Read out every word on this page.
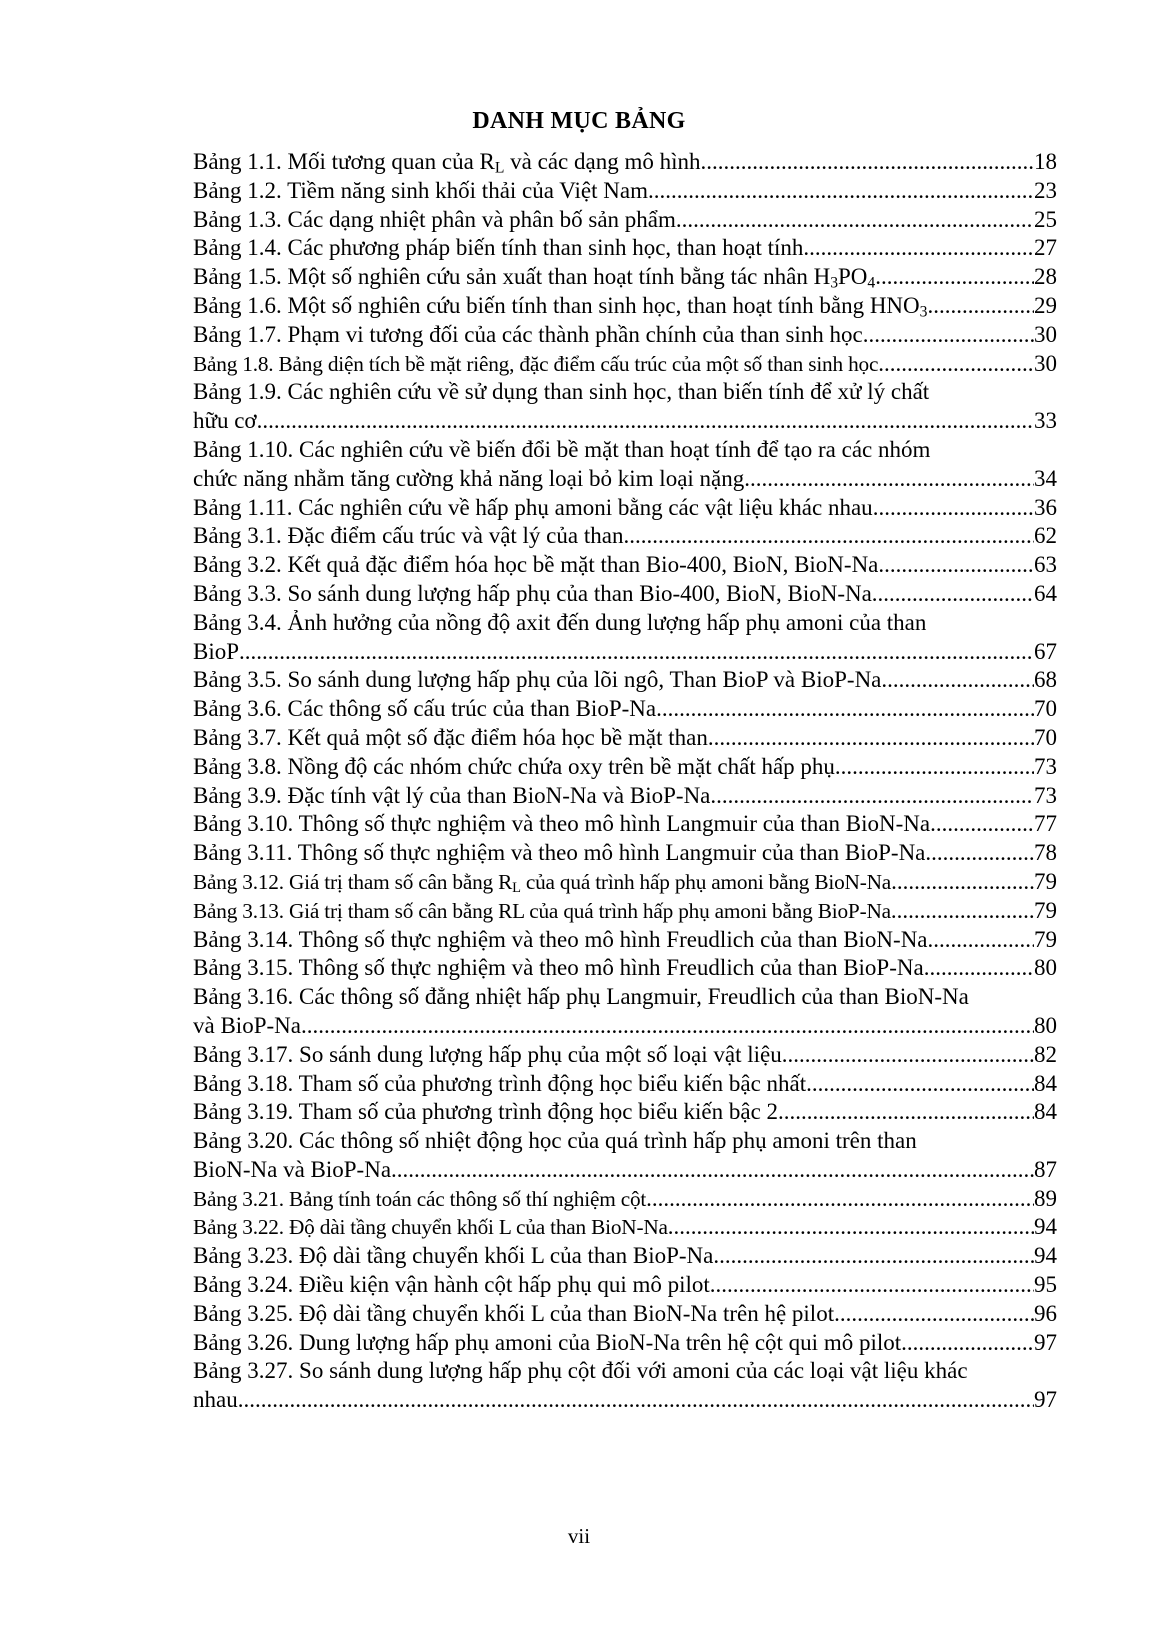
DANH MỤC BẢNG
Bảng 1.1. Mối tương quan của $R_L$ và các dạng mô hình .....	18
Bảng 1.2. Tiềm năng sinh khối thải của Việt Nam .....	23
Bảng 1.3. Các dạng nhiệt phân và phân bố sản phẩm .....	25
Bảng 1.4. Các phương pháp biến tính than sinh học, than hoạt tính .....	27
Bảng 1.5. Một số nghiên cứu sản xuất than hoạt tính bằng tác nhân $H_3PO_4$ .....	28
Bảng 1.6. Một số nghiên cứu biến tính than sinh học, than hoạt tính bằng $HNO_3$ .....	29
Bảng 1.7. Phạm vi tương đối của các thành phần chính của than sinh học .....	30
Bảng 1.8. Bảng diện tích bề mặt riêng, đặc điểm cấu trúc của một số than sinh học .....	30
Bảng 1.9. Các nghiên cứu về sử dụng than sinh học, than biến tính để xử lý chất
hữu cơ .....	33
Bảng 1.10. Các nghiên cứu về biến đổi bề mặt than hoạt tính để tạo ra các nhóm
chức năng nhằm tăng cường khả năng loại bỏ kim loại nặng .....	34
Bảng 1.11. Các nghiên cứu về hấp phụ amoni bằng các vật liệu khác nhau .....	36
Bảng 3.1. Đặc điểm cấu trúc và vật lý của than .....	62
Bảng 3.2. Kết quả đặc điểm hóa học bề mặt than Bio-400, BioN, BioN-Na .....	63
Bảng 3.3. So sánh dung lượng hấp phụ của than Bio-400, BioN, BioN-Na .....	64
Bảng 3.4. Ảnh hưởng của nồng độ axit đến dung lượng hấp phụ amoni của than
BioP .....	67
Bảng 3.5. So sánh dung lượng hấp phụ của lõi ngô, Than BioP và BioP-Na .....	68
Bảng 3.6. Các thông số cấu trúc của than BioP-Na .....	70
Bảng 3.7. Kết quả một số đặc điểm hóa học bề mặt than .....	70
Bảng 3.8. Nồng độ các nhóm chức chứa oxy trên bề mặt chất hấp phụ .....	73
Bảng 3.9. Đặc tính vật lý của than BioN-Na và BioP-Na .....	73
Bảng 3.10. Thông số thực nghiệm và theo mô hình Langmuir của than BioN-Na .....	77
Bảng 3.11. Thông số thực nghiệm và theo mô hình Langmuir của than BioP-Na .....	78
Bảng 3.12. Giá trị tham số cân bằng $R_L$ của quá trình hấp phụ amoni bằng BioN-Na .....	79
Bảng 3.13. Giá trị tham số cân bằng RL của quá trình hấp phụ amoni bằng BioP-Na .....	79
Bảng 3.14. Thông số thực nghiệm và theo mô hình Freudlich của than BioN-Na .....	79
Bảng 3.15. Thông số thực nghiệm và theo mô hình Freudlich của than BioP-Na .....	80
Bảng 3.16. Các thông số đẳng nhiệt hấp phụ Langmuir, Freudlich của than BioN-Na
và BioP-Na .....	80
Bảng 3.17. So sánh dung lượng hấp phụ của một số loại vật liệu .....	82
Bảng 3.18. Tham số của phương trình động học biểu kiến bậc nhất .....	84
Bảng 3.19. Tham số của phương trình động học biểu kiến bậc 2 .....	84
Bảng 3.20. Các thông số nhiệt động học của quá trình hấp phụ amoni trên than
BioN-Na và BioP-Na .....	87
Bảng 3.21. Bảng tính toán các thông số thí nghiệm cột .....	89
Bảng 3.22. Độ dài tầng chuyển khối L của than BioN-Na .....	94
Bảng 3.23. Độ dài tầng chuyển khối L của than BioP-Na .....	94
Bảng 3.24. Điều kiện vận hành cột hấp phụ qui mô pilot .....	95
Bảng 3.25. Độ dài tầng chuyển khối L của than BioN-Na trên hệ pilot .....	96
Bảng 3.26. Dung lượng hấp phụ amoni của BioN-Na trên hệ cột qui mô pilot. .....	97
Bảng 3.27. So sánh dung lượng hấp phụ cột đối với amoni của các loại vật liệu khác
nhau .....	97
vii
